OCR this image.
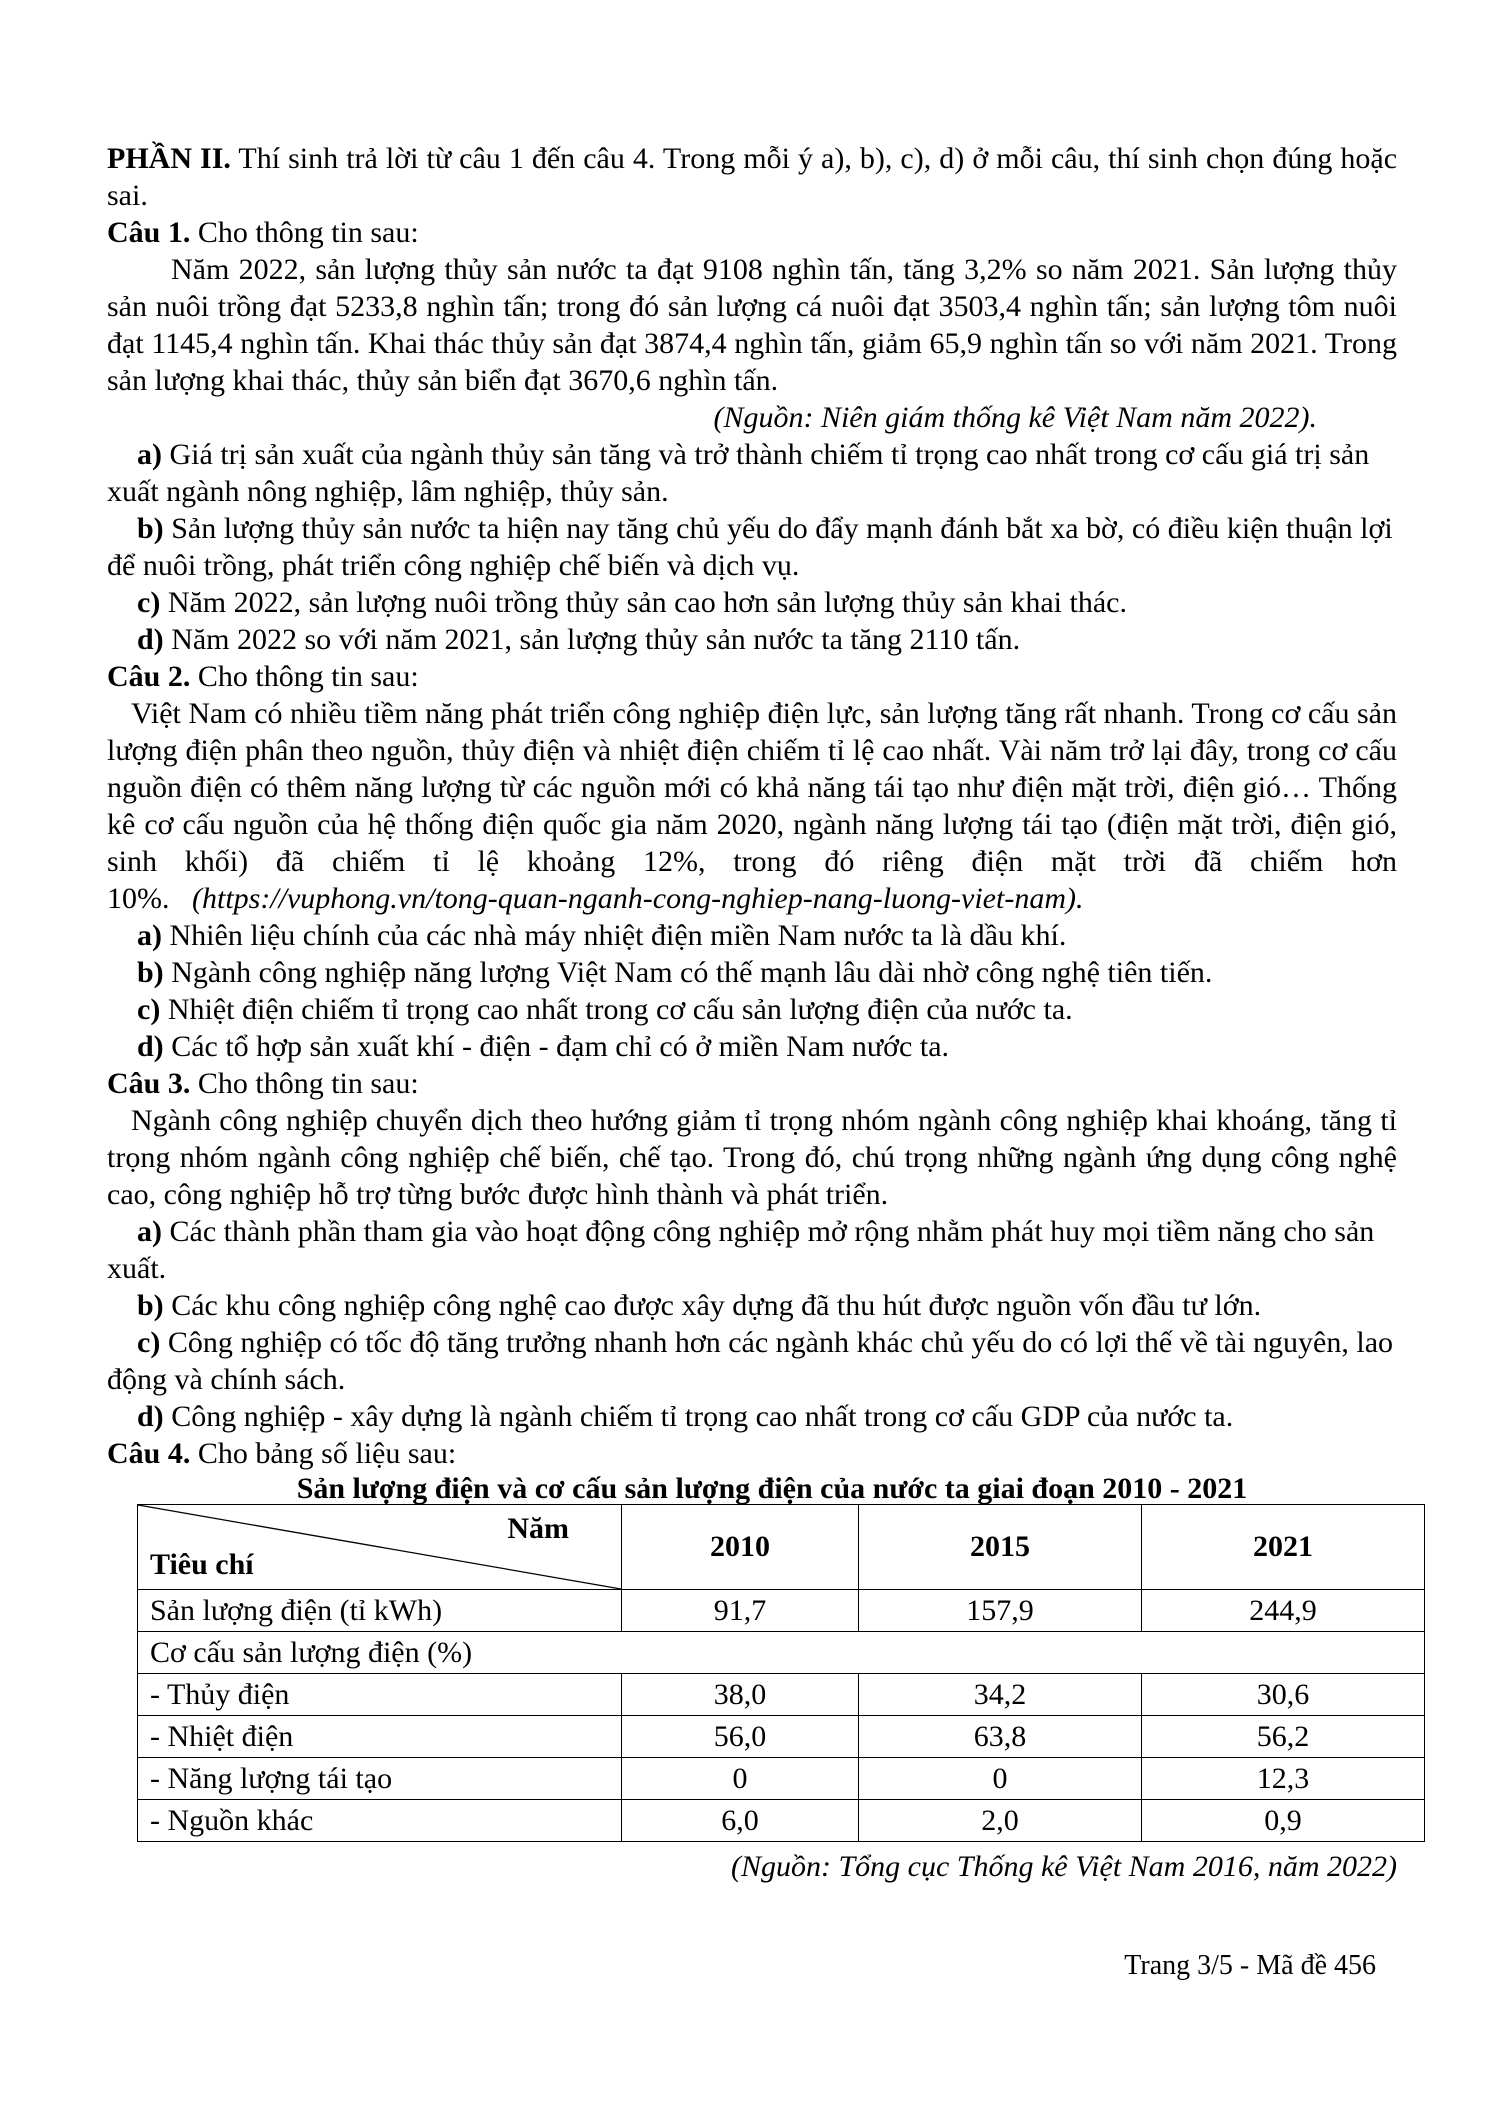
PHẦN II. Thí sinh trả lời từ câu 1 đến câu 4. Trong mỗi ý a), b), c), d) ở mỗi câu, thí sinh chọn đúng hoặc sai.

Câu 1. Cho thông tin sau:

Năm 2022, sản lượng thủy sản nước ta đạt 9108 nghìn tấn, tăng 3,2% so năm 2021. Sản lượng thủy sản nuôi trồng đạt 5233,8 nghìn tấn; trong đó sản lượng cá nuôi đạt 3503,4 nghìn tấn; sản lượng tôm nuôi đạt 1145,4 nghìn tấn. Khai thác thủy sản đạt 3874,4 nghìn tấn, giảm 65,9 nghìn tấn so với năm 2021. Trong sản lượng khai thác, thủy sản biển đạt 3670,6 nghìn tấn.

(Nguồn: Niên giám thống kê Việt Nam năm 2022).

a) Giá trị sản xuất của ngành thủy sản tăng và trở thành chiếm tỉ trọng cao nhất trong cơ cấu giá trị sản xuất ngành nông nghiệp, lâm nghiệp, thủy sản.

b) Sản lượng thủy sản nước ta hiện nay tăng chủ yếu do đẩy mạnh đánh bắt xa bờ, có điều kiện thuận lợi để nuôi trồng, phát triển công nghiệp chế biến và dịch vụ.

c) Năm 2022, sản lượng nuôi trồng thủy sản cao hơn sản lượng thủy sản khai thác.

d) Năm 2022 so với năm 2021, sản lượng thủy sản nước ta tăng 2110 tấn.

Câu 2. Cho thông tin sau:

Việt Nam có nhiều tiềm năng phát triển công nghiệp điện lực, sản lượng tăng rất nhanh. Trong cơ cấu sản lượng điện phân theo nguồn, thủy điện và nhiệt điện chiếm tỉ lệ cao nhất. Vài năm trở lại đây, trong cơ cấu nguồn điện có thêm năng lượng từ các nguồn mới có khả năng tái tạo như điện mặt trời, điện gió… Thống kê cơ cấu nguồn của hệ thống điện quốc gia năm 2020, ngành năng lượng tái tạo (điện mặt trời, điện gió, sinh khối) đã chiếm tỉ lệ khoảng 12%, trong đó riêng điện mặt trời đã chiếm hơn 10%. (https://vuphong.vn/tong-quan-nganh-cong-nghiep-nang-luong-viet-nam).

a) Nhiên liệu chính của các nhà máy nhiệt điện miền Nam nước ta là dầu khí.

b) Ngành công nghiệp năng lượng Việt Nam có thế mạnh lâu dài nhờ công nghệ tiên tiến.

c) Nhiệt điện chiếm tỉ trọng cao nhất trong cơ cấu sản lượng điện của nước ta.

d) Các tổ hợp sản xuất khí - điện - đạm chỉ có ở miền Nam nước ta.

Câu 3. Cho thông tin sau:

Ngành công nghiệp chuyển dịch theo hướng giảm tỉ trọng nhóm ngành công nghiệp khai khoáng, tăng tỉ trọng nhóm ngành công nghiệp chế biến, chế tạo. Trong đó, chú trọng những ngành ứng dụng công nghệ cao, công nghiệp hỗ trợ từng bước được hình thành và phát triển.

a) Các thành phần tham gia vào hoạt động công nghiệp mở rộng nhằm phát huy mọi tiềm năng cho sản xuất.

b) Các khu công nghiệp công nghệ cao được xây dựng đã thu hút được nguồn vốn đầu tư lớn.

c) Công nghiệp có tốc độ tăng trưởng nhanh hơn các ngành khác chủ yếu do có lợi thế về tài nguyên, lao động và chính sách.

d) Công nghiệp - xây dựng là ngành chiếm tỉ trọng cao nhất trong cơ cấu GDP của nước ta.

Câu 4. Cho bảng số liệu sau:

Sản lượng điện và cơ cấu sản lượng điện của nước ta giai đoạn 2010 - 2021

Năm
Tiêu chí	2010	2015	2021
Sản lượng điện (tỉ kWh)	91,7	157,9	244,9
Cơ cấu sản lượng điện (%)			
- Thủy điện	38,0	34,2	30,6
- Nhiệt điện	56,0	63,8	56,2
- Năng lượng tái tạo	0	0	12,3
- Nguồn khác	6,0	2,0	0,9

(Nguồn: Tổng cục Thống kê Việt Nam 2016, năm 2022)

Trang 3/5 - Mã đề 456
